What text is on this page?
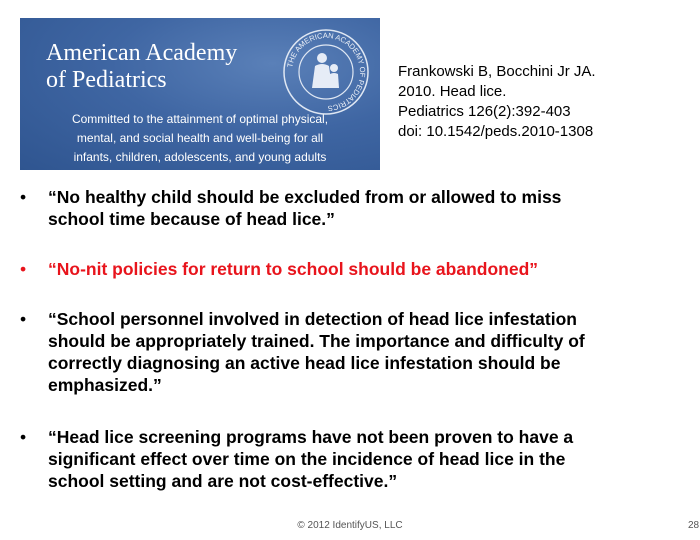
American Academy
of Pediatrics
THE AMERICAN ACADEMY OF PEDIATRICS
Committed to the attainment of optimal physical,
mental, and social health and well-being for all
infants, children, adolescents, and young adults
Frankowski B, Bocchini Jr JA.
2010. Head lice.
Pediatrics 126(2):392-403
doi: 10.1542/peds.2010-1308
• “No healthy child should be excluded from or allowed to miss
school time because of head lice.”
• “No-nit policies for return to school should be abandoned”
• “School personnel involved in detection of head lice infestation
should be appropriately trained. The importance and difficulty of
correctly diagnosing an active head lice infestation should be
emphasized.”
• “Head lice screening programs have not been proven to have a
significant effect over time on the incidence of head lice in the
school setting and are not cost-effective.”
© 2012 IdentifyUS, LLC	28
